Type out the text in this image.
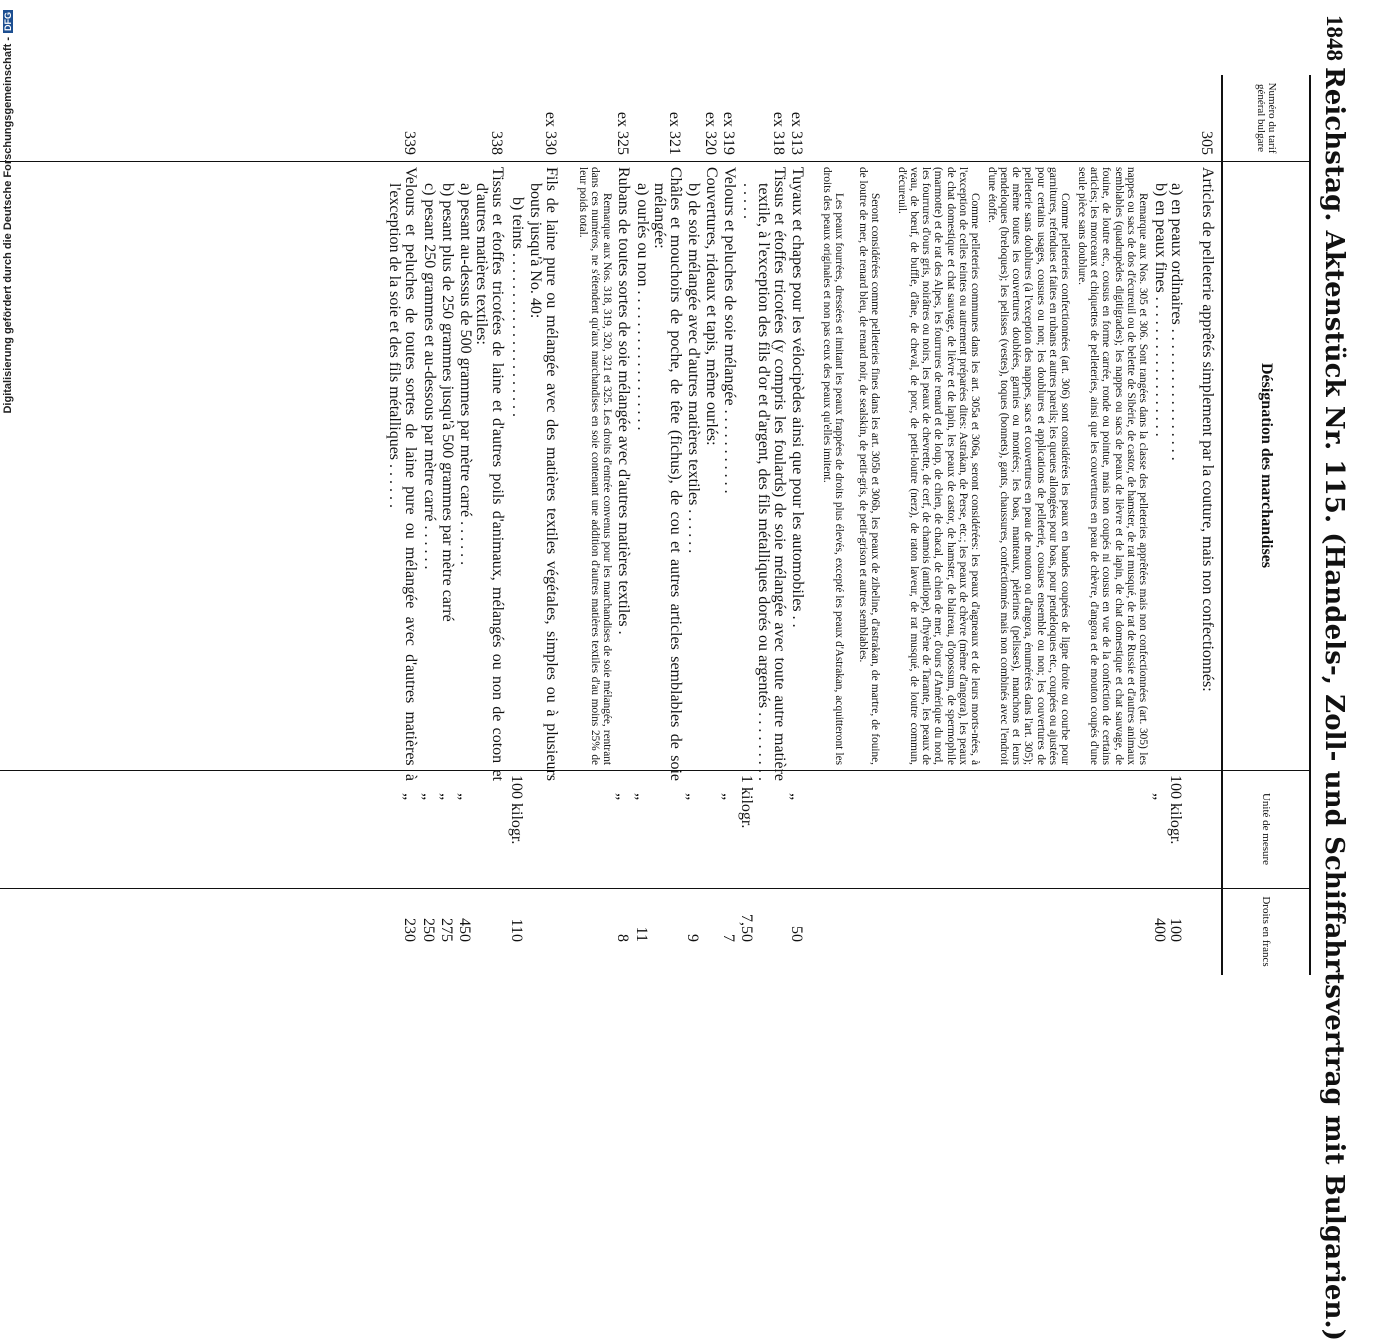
1848
Reichstag. Aktenstück Nr. 115. (Handels-, Zoll- und Schiffahrtsvertrag mit Bulgarien.)
Numéro du tarif général bulgare
Désignation des marchandises
Unité de mesure
Droits en francs
305
Articles de pelleterie apprêtés simplement par la couture, mais non confectionnés:
a) en peaux ordinaires . . . . . . . . . . . . . . . . .
100 kilogr.
100
b) en peaux fines . . . . . . . . . . . . . . . . . .
„
400
Remarque aux Nos. 305 et 306. Sont rangées dans la classe des pelleteries apprêtées mais non confectionnées (art. 305) les nappes ou sacs de dos d'écureuil ou de belette de Sibérie, de castor, de hamster, de rat musqué, de rat de Russie et d'autres animaux semblables (quadrupèdes digitigrades); les nappes ou sacs de peaux de lièvre et de lapin, de chat domestique et chat sauvage, de fouine, de loutre etc., cousus en forme carrée, ronde ou pointue, mais non coupés ni cousus en vue de la confection de certains articles; les morceaux et chiquettes de pelleteries, ainsi que les couvertures en peau de chèvre, d'angora et de mouton coupés d'une seule pièce sans doublure.
Comme pelleteries confectionnées (art. 306) sont considérées les peaux en bandes coupées de ligne droite ou courbe pour garnitures, refendues et faites en rubans et autres pareils; les queues allongées pour boas, pour pendeloques etc., coupées ou ajustées pour certains usages, cousues ou non; les doublures et applications de pelleterie, cousues ensemble ou non; les couvertures de pelleterie sans doublures (à l'exception des nappes, sacs et couvertures en peau de mouton ou d'angora, énumérées dans l'art. 305); de même toutes les couvertures doublées, garnies ou montées; les boas, manteaux, pèlerines (pelisses), manchons et leurs pendeloques (breloques); les pelisses (vestes), toques (bonnets), gants, chaussures, confectionnés mais non combinés avec l'endroit d'une étoffe.
Comme pelleteries communes dans les art. 305a et 306a, seront considérées: les peaux d'agneaux et de leurs morts-nées, à l'exception de celles teintes ou autrement préparées dites: Astrakan, de Perse, etc.; les peaux de chèvre (même d'angora), les peaux de chat domestique et chat sauvage, de lièvre et de lapin, les peaux de castor, de hamster, de blaireau, d'opossum, de spermophile (marmotte) et de rat des Alpes, les fourrures de renard et de loup, de chien, de chacal, de chien de mer, d'ours d'Amérique du nord, les fourrures d'ours gris, noirâtres ou noirs, les peaux de chevrette, de cerf, de chamois (antilope), d'hyène de Tarante, les peaux de veau, de bœuf, de buffle, d'âne, de cheval, de porc, de petit-loutre (nerz), de raton laveur, de rat musqué, de loutre commun, d'écureuil.
Seront considérées comme pelleteries fines dans les art. 305b et 306b, les peaux de zibeline, d'astrakan, de martre, de fouine, de loutre de mer, de renard bleu, de renard noir, de sealskin, de petit-gris, de petit-grison et autres semblables.
Les peaux fourrées, dressées et imitant les peaux frappées de droits plus élevés, excepté les peaux d'Astrakan, acquitteront les droits des peaux originales et non pas ceux des peaux qu'elles imitent.
ex 313
Tuyaux et chapes pour les vélocipèdes ainsi que pour les automobiles . .
„
50
ex 318
Tissus et étoffes tricotées (y compris les foulards) de soie mélangée avec toute autre matière textile, à l'exception des fils d'or et d'argent, des fils métalliques dorés ou argentés . . . . . . . . . . . . . .
1 kilogr.
7,50
ex 319
Velours et peluches de soie mélangée . . . . . . . . . . .
„
7
ex 320
Couvertures, rideaux et tapis, même ourlés:
b) de soie mélangée avec d'autres matières textiles . . . . . .
„
9
ex 321
Châles et mouchoirs de poche, de tête (fichus), de cou et autres articles semblables de soie mélangée:
a) ourlés ou non . . . . . . . . . . . . . . . . . .
„
11
ex 325
Rubans de toutes sortes de soie mélangée avec d'autres matières textiles .
„
8
Remarque aux Nos. 318, 319, 320, 321 et 325. Les droits d'entrée convenus pour les marchandises de soie mélangée, rentrant dans ces numéros, ne s'étendent qu'aux marchandises en soie contenant une addition d'autres matières textiles d'au moins 25% de leur poids total.
ex 330
Fils de laine pure ou mélangée avec des matières textiles végétales, simples ou à plusieurs bouts jusqu'à No. 40:
b) teints . . . . . . . . . . . . . . . . . . . . .
100 kilogr.
110
338
Tissus et étoffes tricotées de laine et d'autres poils d'animaux, mélangés ou non de coton et d'autres matières textiles:
a) pesant au-dessus de 500 grammes par mètre carré . . . . . .
„
450
b) pesant plus de 250 grammes jusqu'à 500 grammes par mètre carré
„
275
c) pesant 250 grammes et au-dessous par mètre carré . . . . . .
„
250
339
Velours et peluches de toutes sortes de laine pure ou mélangée avec d'autres matières à l'exception de la soie et des fils métalliques . . . . . .
„
230
Digitalisierung gefördert durch die Deutsche Forschungsgemeinschaft -
DFG
